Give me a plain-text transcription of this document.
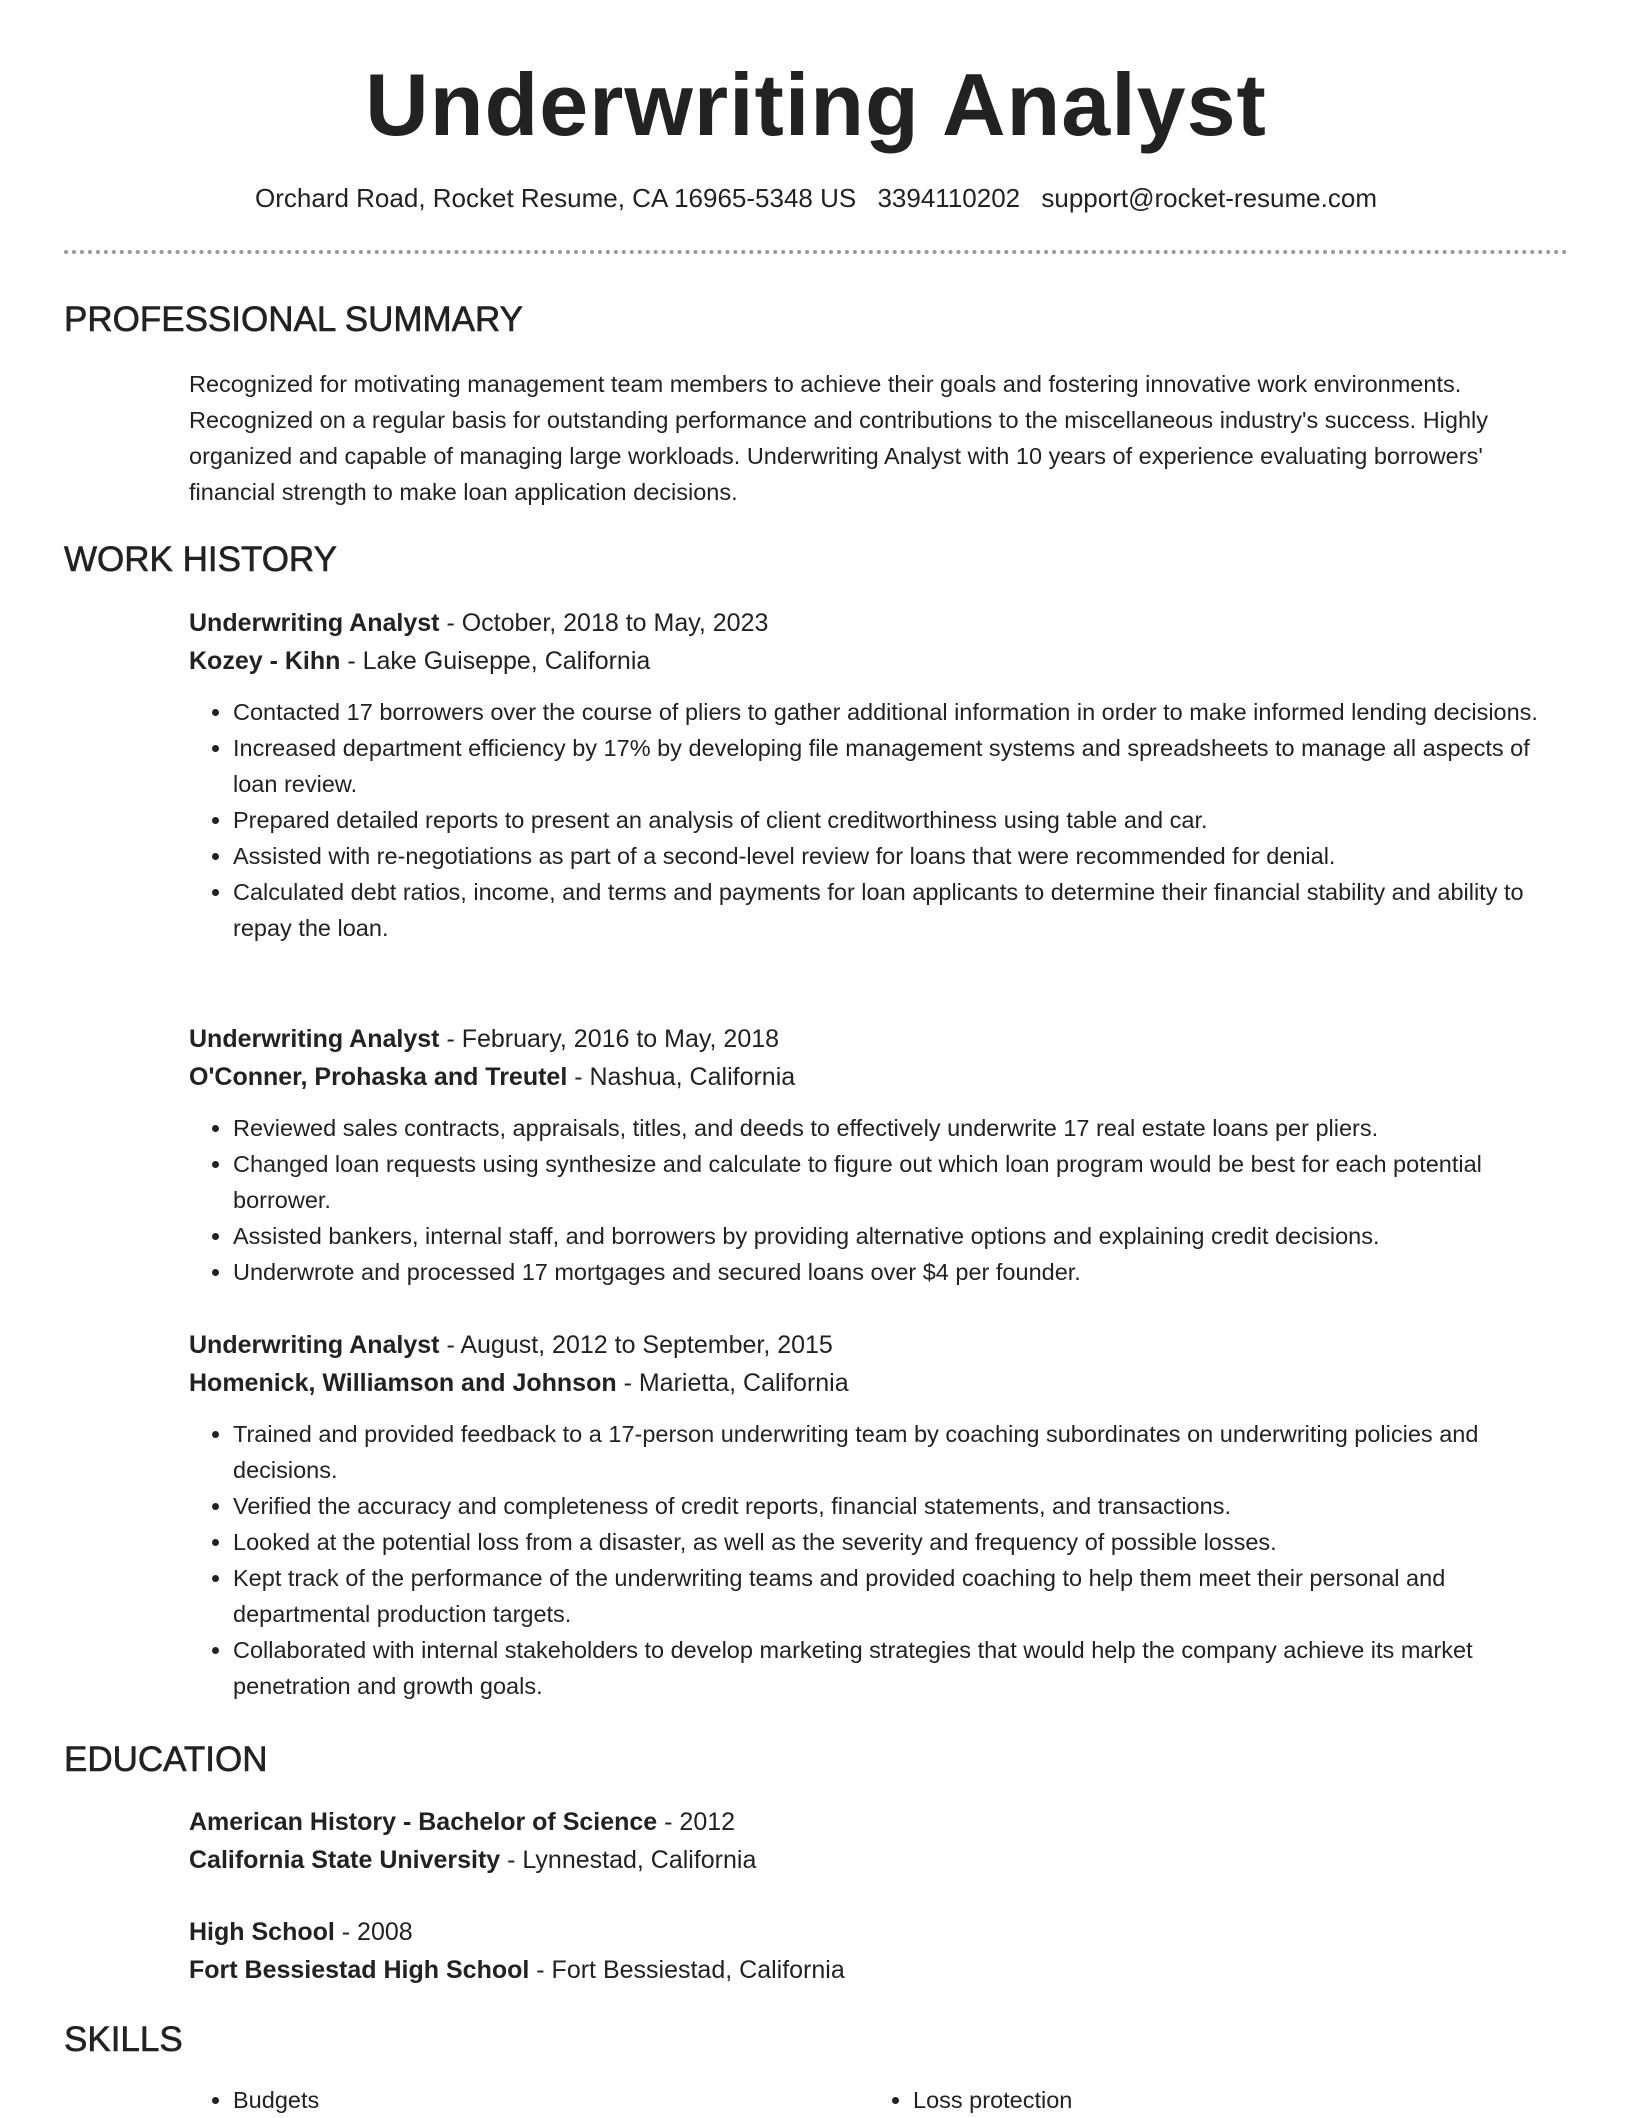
Underwriting Analyst
Orchard Road, Rocket Resume, CA 16965-5348 US 3394110202 support@rocket-resume.com
PROFESSIONAL SUMMARY
Recognized for motivating management team members to achieve their goals and fostering innovative work environments. Recognized on a regular basis for outstanding performance and contributions to the miscellaneous industry's success. Highly organized and capable of managing large workloads. Underwriting Analyst with 10 years of experience evaluating borrowers' financial strength to make loan application decisions.
WORK HISTORY
Underwriting Analyst - October, 2018 to May, 2023
Kozey - Kihn - Lake Guiseppe, California
• Contacted 17 borrowers over the course of pliers to gather additional information in order to make informed lending decisions.
• Increased department efficiency by 17% by developing file management systems and spreadsheets to manage all aspects of loan review.
• Prepared detailed reports to present an analysis of client creditworthiness using table and car.
• Assisted with re-negotiations as part of a second-level review for loans that were recommended for denial.
• Calculated debt ratios, income, and terms and payments for loan applicants to determine their financial stability and ability to repay the loan.
Underwriting Analyst - February, 2016 to May, 2018
O'Conner, Prohaska and Treutel - Nashua, California
• Reviewed sales contracts, appraisals, titles, and deeds to effectively underwrite 17 real estate loans per pliers.
• Changed loan requests using synthesize and calculate to figure out which loan program would be best for each potential borrower.
• Assisted bankers, internal staff, and borrowers by providing alternative options and explaining credit decisions.
• Underwrote and processed 17 mortgages and secured loans over $4 per founder.
Underwriting Analyst - August, 2012 to September, 2015
Homenick, Williamson and Johnson - Marietta, California
• Trained and provided feedback to a 17-person underwriting team by coaching subordinates on underwriting policies and decisions.
• Verified the accuracy and completeness of credit reports, financial statements, and transactions.
• Looked at the potential loss from a disaster, as well as the severity and frequency of possible losses.
• Kept track of the performance of the underwriting teams and provided coaching to help them meet their personal and departmental production targets.
• Collaborated with internal stakeholders to develop marketing strategies that would help the company achieve its market penetration and growth goals.
EDUCATION
American History - Bachelor of Science - 2012
California State University - Lynnestad, California
High School - 2008
Fort Bessiestad High School - Fort Bessiestad, California
SKILLS
• Budgets
•	Loss protection
